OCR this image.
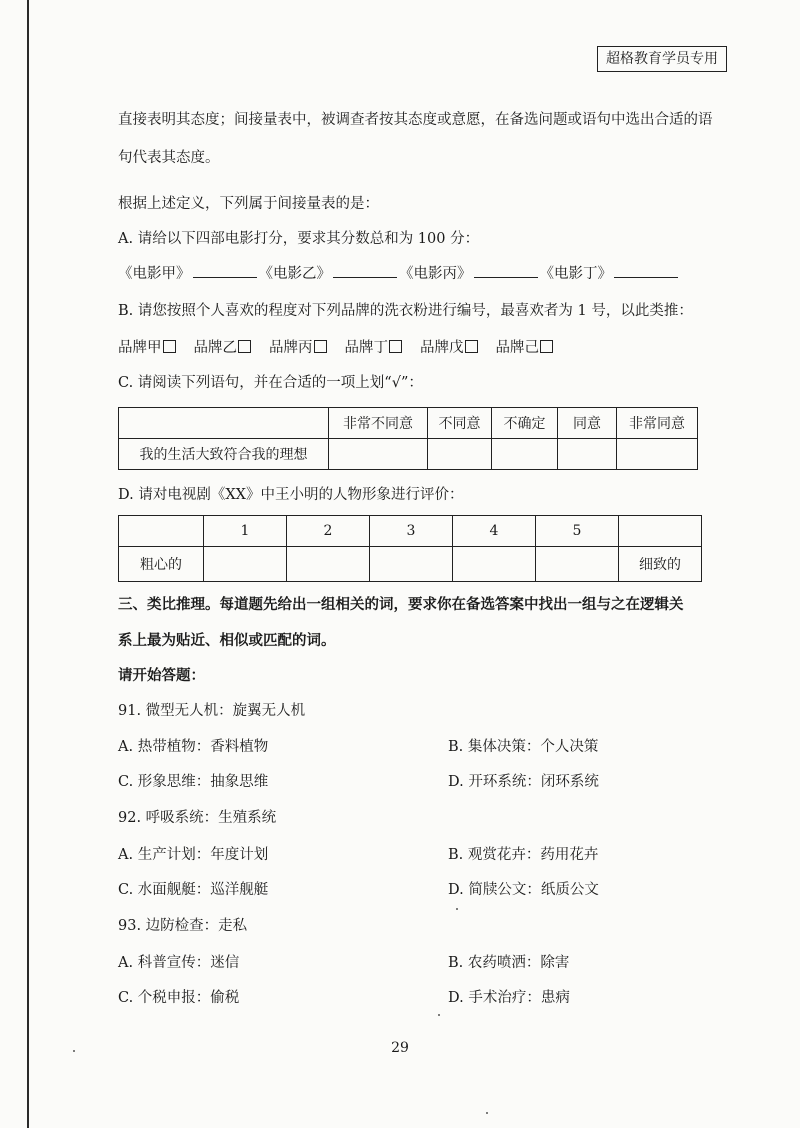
超格教育学员专用
直接表明其态度；间接量表中，被调查者按其态度或意愿，在备选问题或语句中选出合适的语
句代表其态度。
根据上述定义，下列属于间接量表的是：
A. 请给以下四部电影打分，要求其分数总和为 100 分：
《电影甲》	《电影乙》	《电影丙》	《电影丁》
B. 请您按照个人喜欢的程度对下列品牌的洗衣粉进行编号，最喜欢者为 1 号，以此类推：
品牌甲 品牌乙 品牌丙 品牌丁 品牌戊 品牌己
C. 请阅读下列语句，并在合适的一项上划“√”：
	非常不同意	不同意	不确定	同意	非常同意
我的生活大致符合我的理想					
D. 请对电视剧《XX》中王小明的人物形象进行评价：
	1	2	3	4	5	
粗心的						细致的
三、类比推理。每道题先给出一组相关的词，要求你在备选答案中找出一组与之在逻辑关
系上最为贴近、相似或匹配的词。
请开始答题：
91. 微型无人机：旋翼无人机
A. 热带植物：香料植物	B. 集体决策：个人决策
C. 形象思维：抽象思维	D. 开环系统：闭环系统
92. 呼吸系统：生殖系统
A. 生产计划：年度计划	B. 观赏花卉：药用花卉
C. 水面舰艇：巡洋舰艇	D. 简牍公文：纸质公文
93. 边防检查：走私
A. 科普宣传：迷信	B. 农药喷洒：除害
C. 个税申报：偷税	D. 手术治疗：患病
29
